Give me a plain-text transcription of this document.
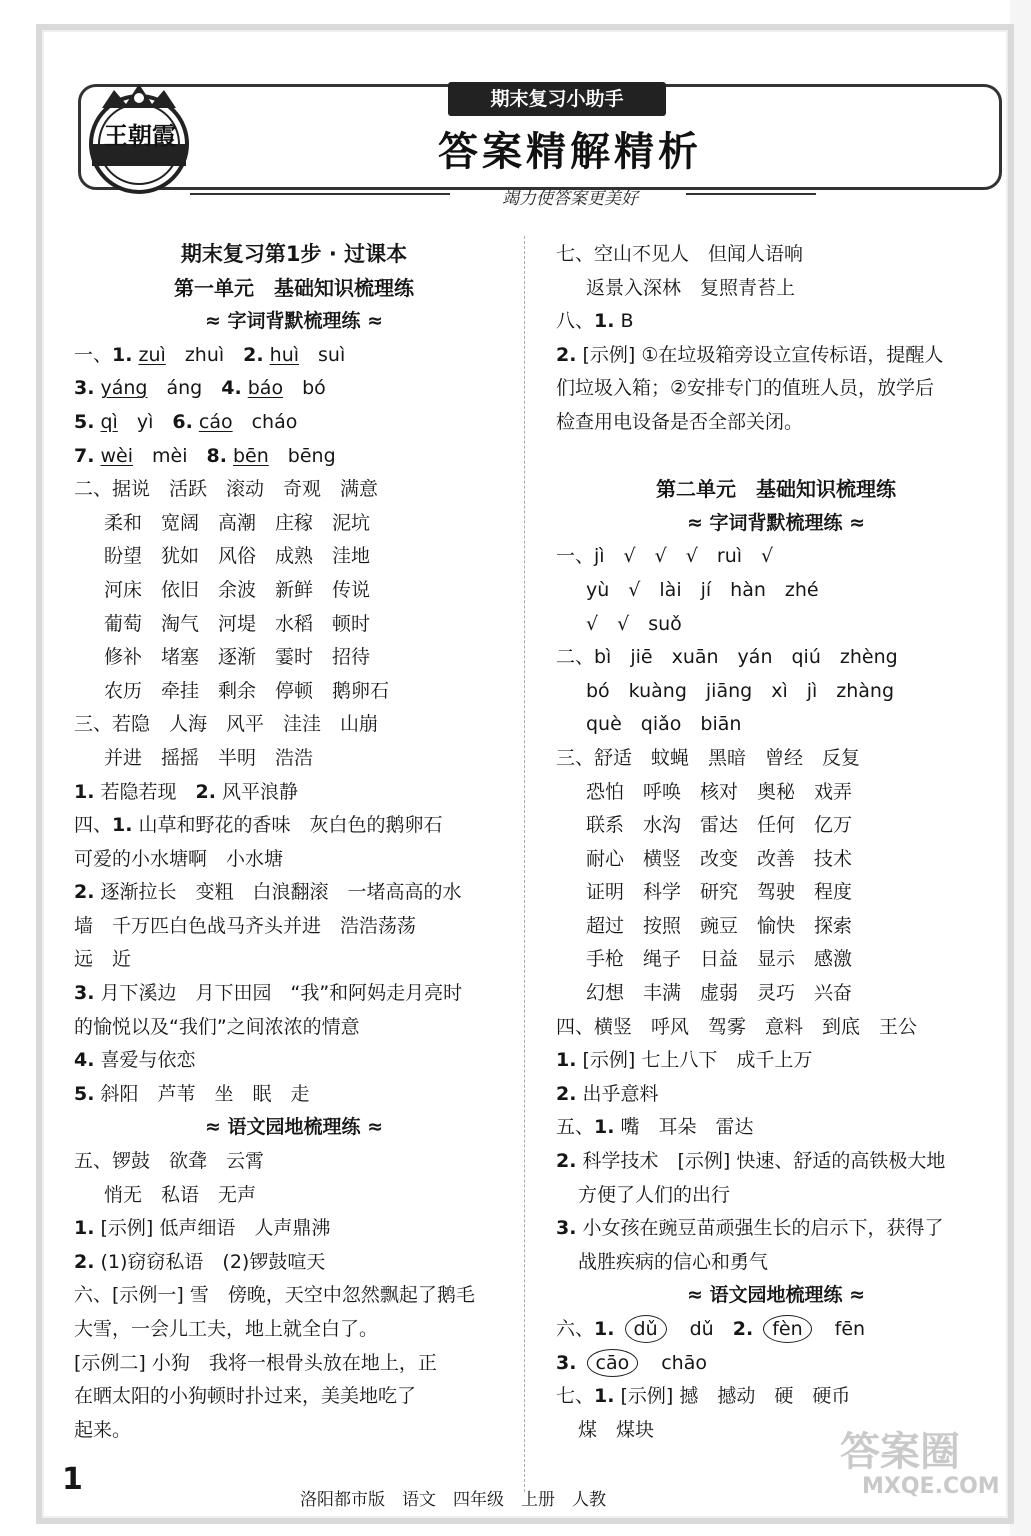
王朝霞
期末复习小助手
答案精解精析
竭力使答案更美好
期末复习第1步 · 过课本
第一单元　基础知识梳理练
≈ 字词背默梳理练 ≈
一、1. zuì　zhuì　2. huì　suì
3. yáng　áng　4. báo　bó
5. qì　yì　6. cáo　cháo
7. wèi　mèi　8. bēn　bēng
二、据说　活跃　滚动　奇观　满意
柔和　宽阔　高潮　庄稼　泥坑
盼望　犹如　风俗　成熟　洼地
河床　依旧　余波　新鲜　传说
葡萄　淘气　河堤　水稻　顿时
修补　堵塞　逐渐　霎时　招待
农历　牵挂　剩余　停顿　鹅卵石
三、若隐　人海　风平　洼洼　山崩
并进　摇摇　半明　浩浩
1. 若隐若现　2. 风平浪静
四、1. 山草和野花的香味　灰白色的鹅卵石
可爱的小水塘啊　小水塘
2. 逐渐拉长　变粗　白浪翻滚　一堵高高的水
墙　千万匹白色战马齐头并进　浩浩荡荡
远　近
3. 月下溪边　月下田园　“我”和阿妈走月亮时
的愉悦以及“我们”之间浓浓的情意
4. 喜爱与依恋
5. 斜阳　芦苇　坐　眠　走
≈ 语文园地梳理练 ≈
五、锣鼓　欲聋　云霄
悄无　私语　无声
1. [示例] 低声细语　人声鼎沸
2. (1)窃窃私语　(2)锣鼓喧天
六、[示例一] 雪　傍晚，天空中忽然飘起了鹅毛
大雪，一会儿工夫，地上就全白了。
[示例二] 小狗　我将一根骨头放在地上，正
在晒太阳的小狗顿时扑过来，美美地吃了
起来。
七、空山不见人　但闻人语响
返景入深林　复照青苔上
八、1. B
2. [示例] ①在垃圾箱旁设立宣传标语，提醒人
们垃圾入箱；②安排专门的值班人员，放学后
检查用电设备是否全部关闭。
第二单元　基础知识梳理练
≈ 字词背默梳理练 ≈
一、jì　√　√　√　ruì　√
yù　√　lài　jí　hàn　zhé
√　√　suǒ
二、bì　jiē　xuān　yán　qiú　zhèng
bó　kuàng　jiāng　xì　jì　zhàng
què　qiǎo　biān
三、舒适　蚊蝇　黑暗　曾经　反复
恐怕　呼唤　核对　奥秘　戏弄
联系　水沟　雷达　任何　亿万
耐心　横竖　改变　改善　技术
证明　科学　研究　驾驶　程度
超过　按照　豌豆　愉快　探索
手枪　绳子　日益　显示　感激
幻想　丰满　虚弱　灵巧　兴奋
四、横竖　呼风　驾雾　意料　到底　王公
1. [示例] 七上八下　成千上万
2. 出乎意料
五、1. 嘴　耳朵　雷达
2. 科学技术　[示例] 快速、舒适的高铁极大地
方便了人们的出行
3. 小女孩在豌豆苗顽强生长的启示下，获得了
战胜疾病的信心和勇气
≈ 语文园地梳理练 ≈
六、1. dǔ　dǔ　2. fèn　fēn
3. cāo　chāo
七、1. [示例] 撼　撼动　硬　硬币
煤　煤块
1
洛阳都市版　语文　四年级　上册　人教
答案圈
MXQE.COM
